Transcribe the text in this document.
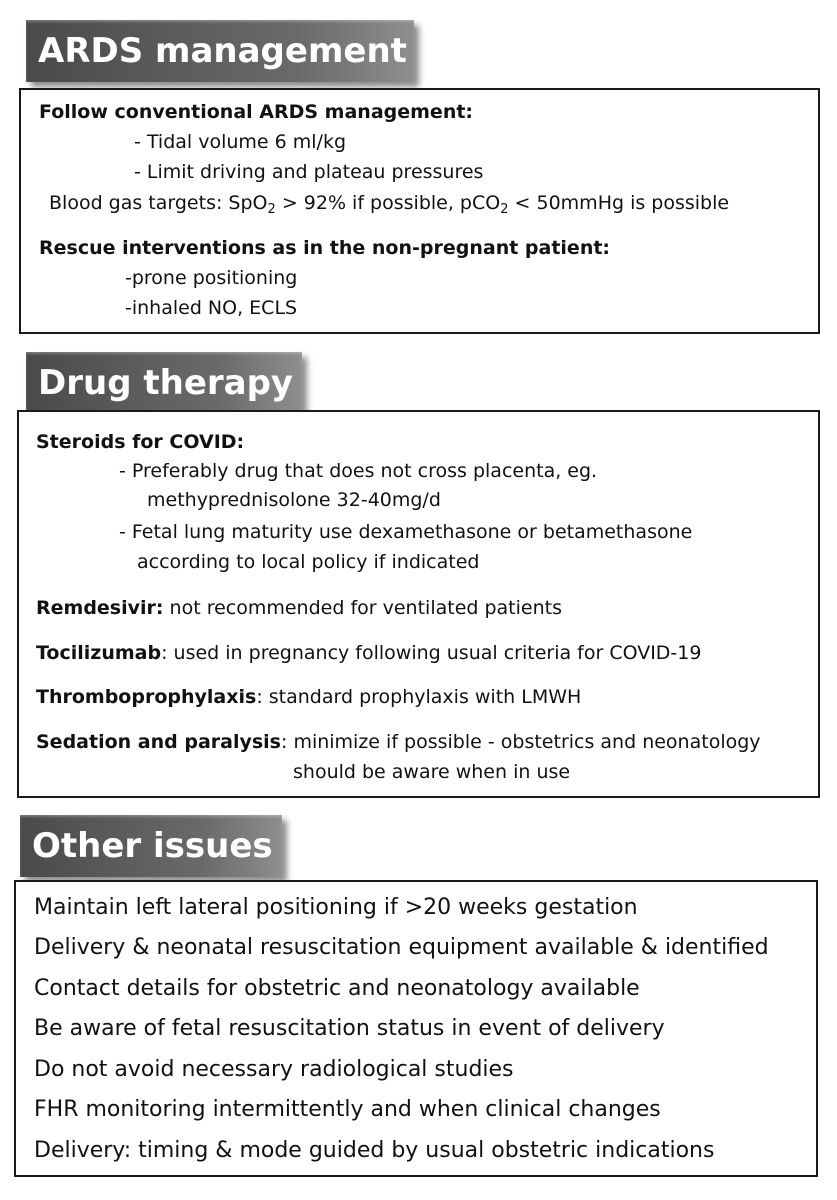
ARDS management
Follow conventional ARDS management:
- Tidal volume 6 ml/kg
- Limit driving and plateau pressures
Blood gas targets: SpO$_2$ > 92% if possible, pCO$_2$ < 50mmHg is possible
Rescue interventions as in the non-pregnant patient:
-prone positioning
-inhaled NO, ECLS
Drug therapy
Steroids for COVID:
- Preferably drug that does not cross placenta, eg.
methyprednisolone 32-40mg/d
- Fetal lung maturity use dexamethasone or betamethasone
according to local policy if indicated
Remdesivir: not recommended for ventilated patients
Tocilizumab: used in pregnancy following usual criteria for COVID-19
Thromboprophylaxis: standard prophylaxis with LMWH
Sedation and paralysis: minimize if possible - obstetrics and neonatology
should be aware when in use
Other issues
Maintain left lateral positioning if >20 weeks gestation
Delivery & neonatal resuscitation equipment available & identified
Contact details for obstetric and neonatology available
Be aware of fetal resuscitation status in event of delivery
Do not avoid necessary radiological studies
FHR monitoring intermittently and when clinical changes
Delivery: timing & mode guided by usual obstetric indications
